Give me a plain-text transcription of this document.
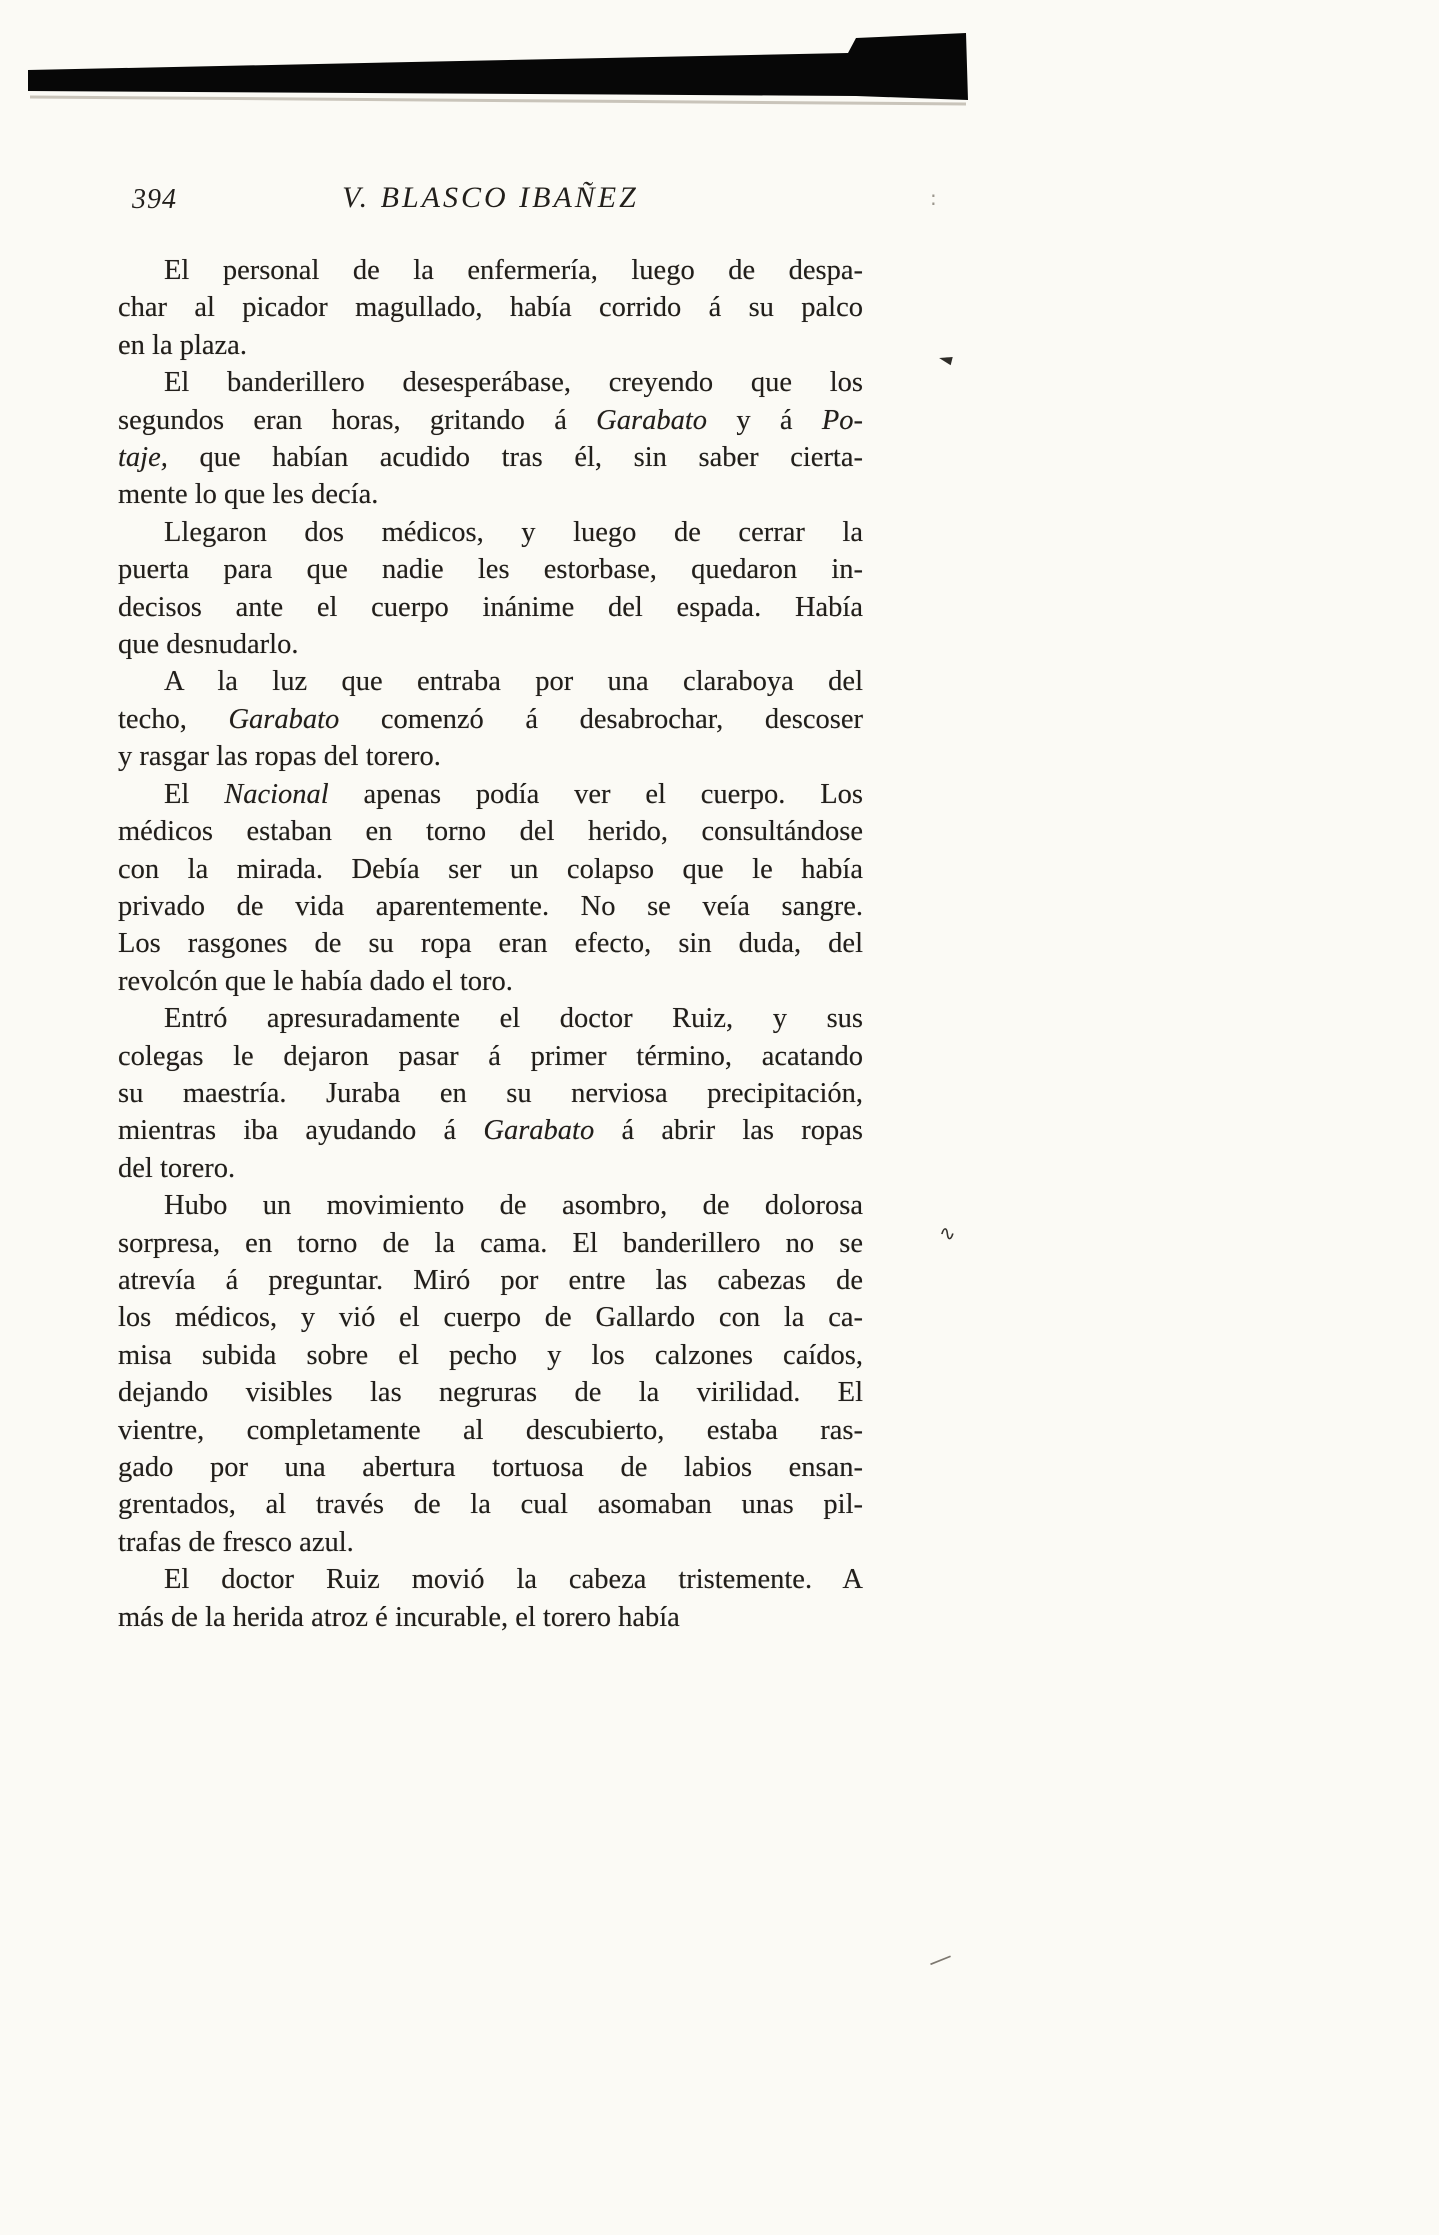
394	V. BLASCO IBAÑEZ	:
◄
∿
—
El personal de la enfermería, luego de despa-
char al picador magullado, había corrido á su palco
en la plaza.
El banderillero desesperábase, creyendo que los
segundos eran horas, gritando á Garabato y á Po-
taje, que habían acudido tras él, sin saber cierta-
mente lo que les decía.
Llegaron dos médicos, y luego de cerrar la
puerta para que nadie les estorbase, quedaron in-
decisos ante el cuerpo inánime del espada. Había
que desnudarlo.
A la luz que entraba por una claraboya del
techo, Garabato comenzó á desabrochar, descoser
y rasgar las ropas del torero.
El Nacional apenas podía ver el cuerpo. Los
médicos estaban en torno del herido, consultándose
con la mirada. Debía ser un colapso que le había
privado de vida aparentemente. No se veía sangre.
Los rasgones de su ropa eran efecto, sin duda, del
revolcón que le había dado el toro.
Entró apresuradamente el doctor Ruiz, y sus
colegas le dejaron pasar á primer término, acatando
su maestría. Juraba en su nerviosa precipitación,
mientras iba ayudando á Garabato á abrir las ropas
del torero.
Hubo un movimiento de asombro, de dolorosa
sorpresa, en torno de la cama. El banderillero no se
atrevía á preguntar. Miró por entre las cabezas de
los médicos, y vió el cuerpo de Gallardo con la ca-
misa subida sobre el pecho y los calzones caídos,
dejando visibles las negruras de la virilidad. El
vientre, completamente al descubierto, estaba ras-
gado por una abertura tortuosa de labios ensan-
grentados, al través de la cual asomaban unas pil-
trafas de fresco azul.
El doctor Ruiz movió la cabeza tristemente. A
más de la herida atroz é incurable, el torero había
